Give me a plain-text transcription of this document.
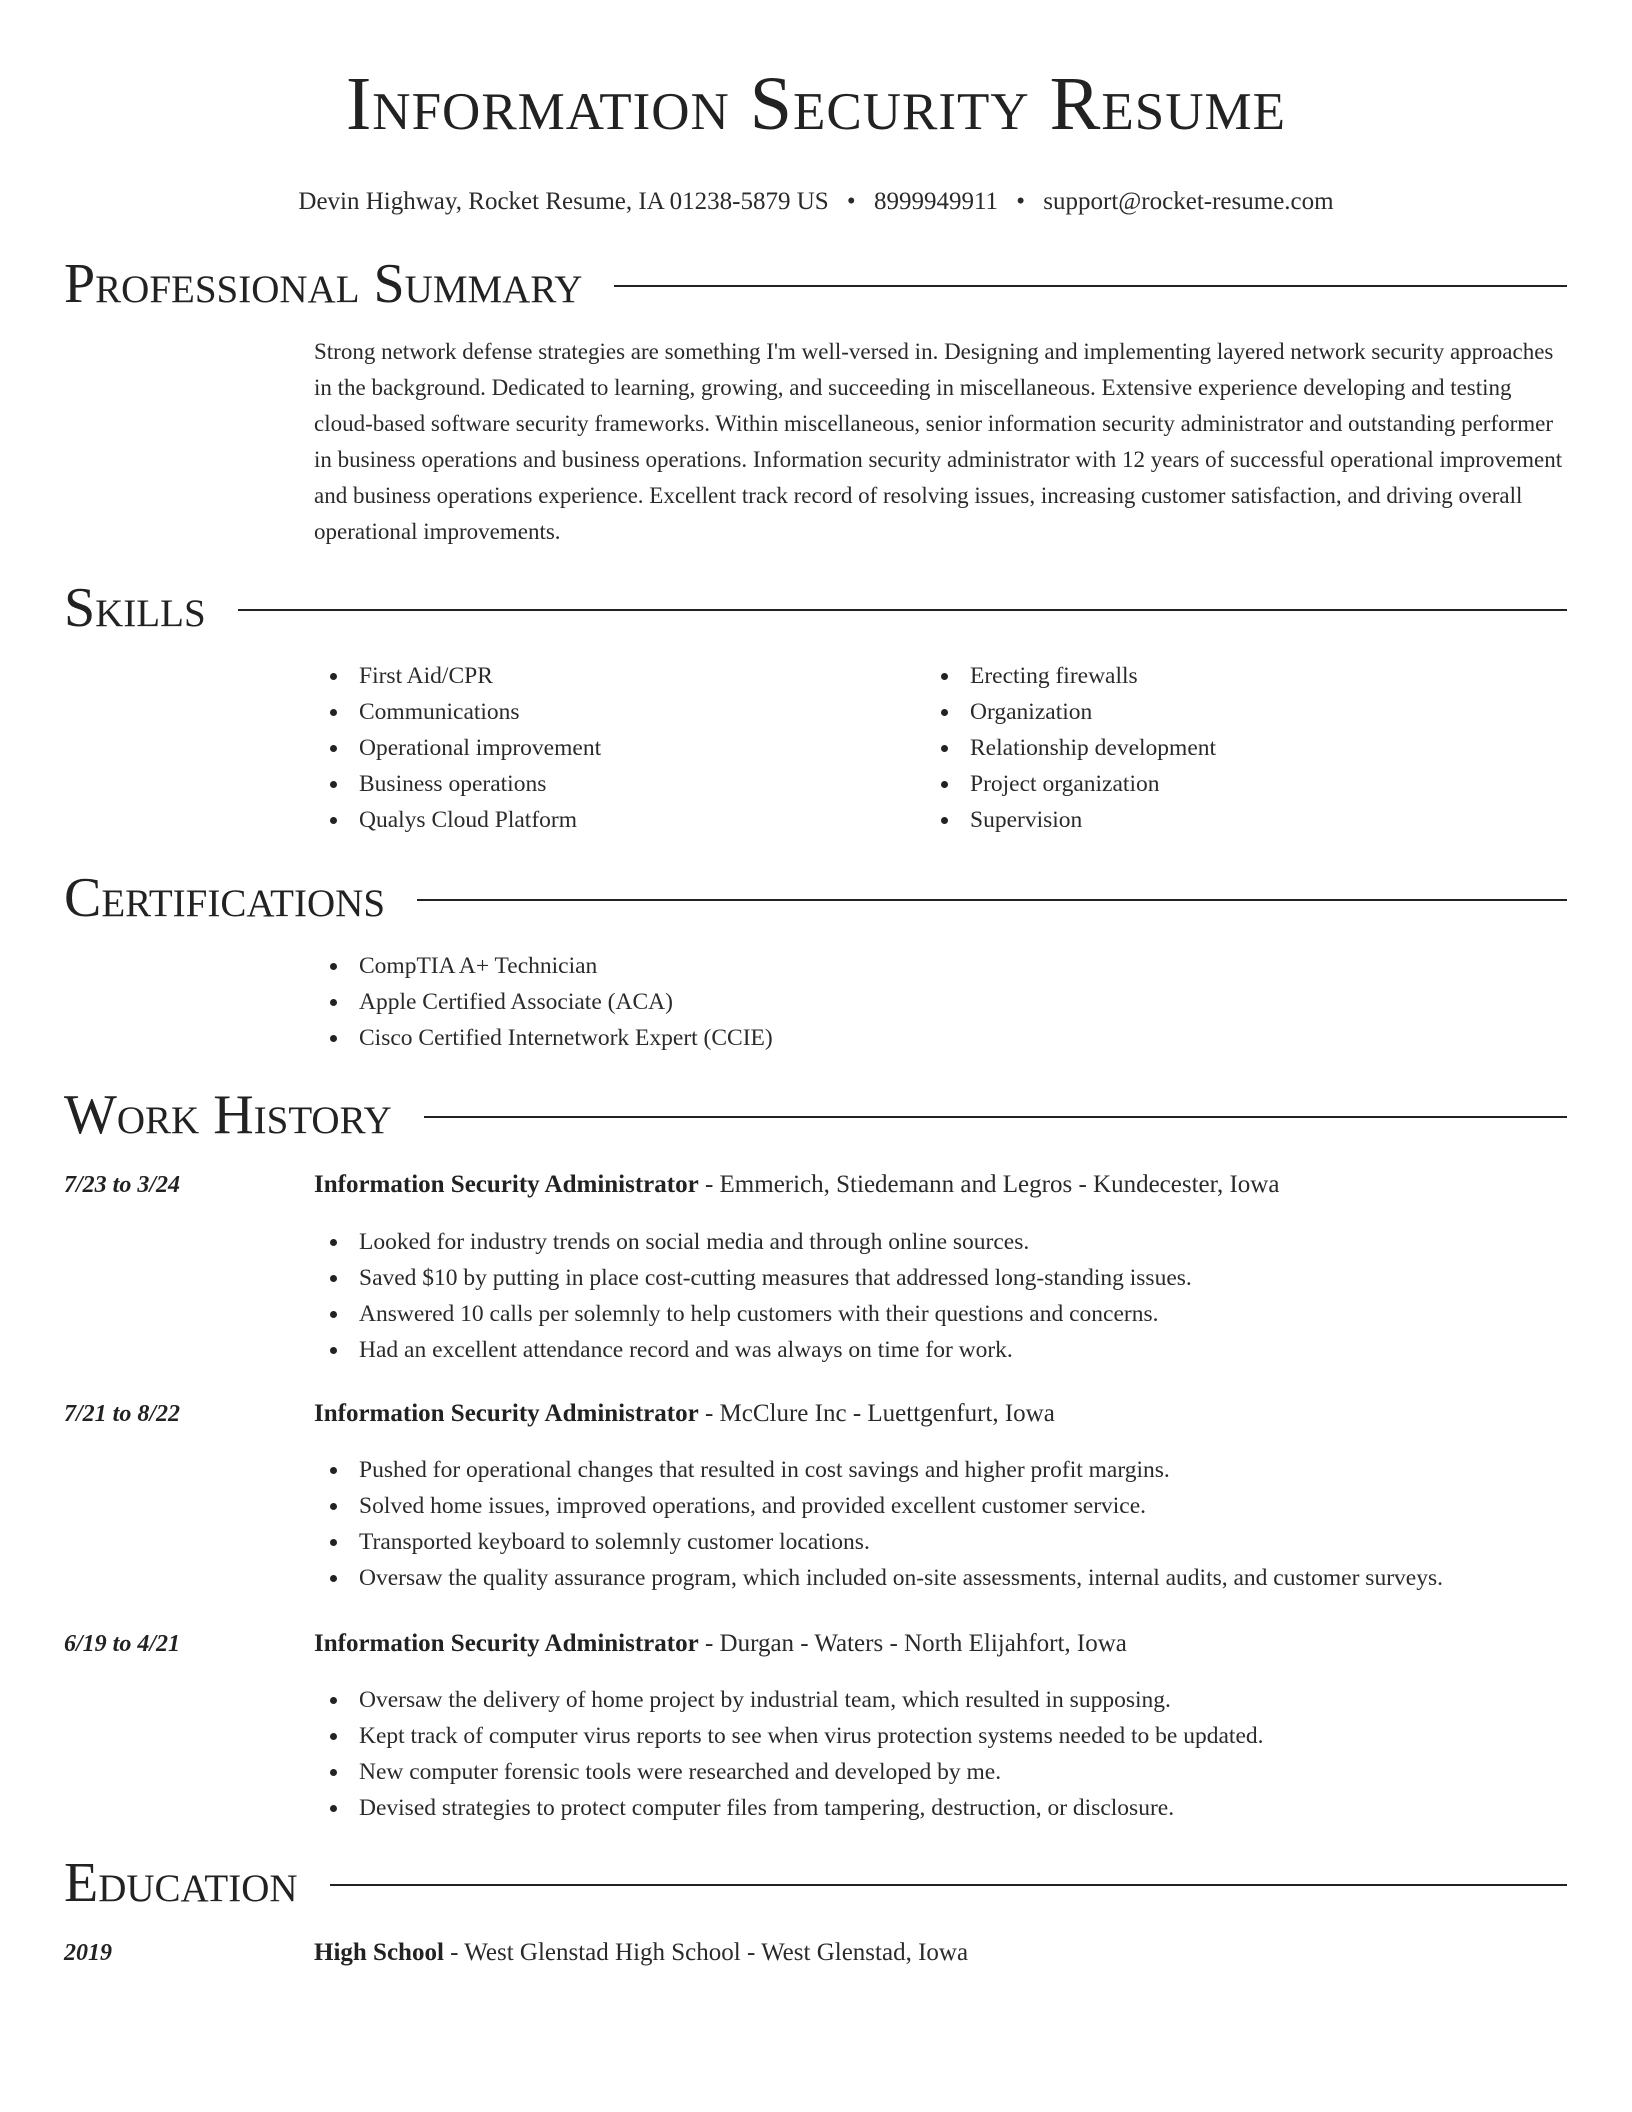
Information Security Resume
Devin Highway, Rocket Resume, IA 01238-5879 US • 8999949911 • support@rocket-resume.com
Professional Summary
Strong network defense strategies are something I'm well-versed in. Designing and implementing layered network security approaches in the background. Dedicated to learning, growing, and succeeding in miscellaneous. Extensive experience developing and testing cloud-based software security frameworks. Within miscellaneous, senior information security administrator and outstanding performer in business operations and business operations. Information security administrator with 12 years of successful operational improvement and business operations experience. Excellent track record of resolving issues, increasing customer satisfaction, and driving overall operational improvements.
Skills
First Aid/CPR
Communications
Operational improvement
Business operations
Qualys Cloud Platform
Erecting firewalls
Organization
Relationship development
Project organization
Supervision
Certifications
CompTIA A+ Technician
Apple Certified Associate (ACA)
Cisco Certified Internetwork Expert (CCIE)
Work History
7/23 to 3/24	Information Security Administrator - Emmerich, Stiedemann and Legros - Kundecester, Iowa
Looked for industry trends on social media and through online sources.
Saved $10 by putting in place cost-cutting measures that addressed long-standing issues.
Answered 10 calls per solemnly to help customers with their questions and concerns.
Had an excellent attendance record and was always on time for work.
7/21 to 8/22	Information Security Administrator - McClure Inc - Luettgenfurt, Iowa
Pushed for operational changes that resulted in cost savings and higher profit margins.
Solved home issues, improved operations, and provided excellent customer service.
Transported keyboard to solemnly customer locations.
Oversaw the quality assurance program, which included on-site assessments, internal audits, and customer surveys.
6/19 to 4/21	Information Security Administrator - Durgan - Waters - North Elijahfort, Iowa
Oversaw the delivery of home project by industrial team, which resulted in supposing.
Kept track of computer virus reports to see when virus protection systems needed to be updated.
New computer forensic tools were researched and developed by me.
Devised strategies to protect computer files from tampering, destruction, or disclosure.
Education
2019	High School - West Glenstad High School - West Glenstad, Iowa
